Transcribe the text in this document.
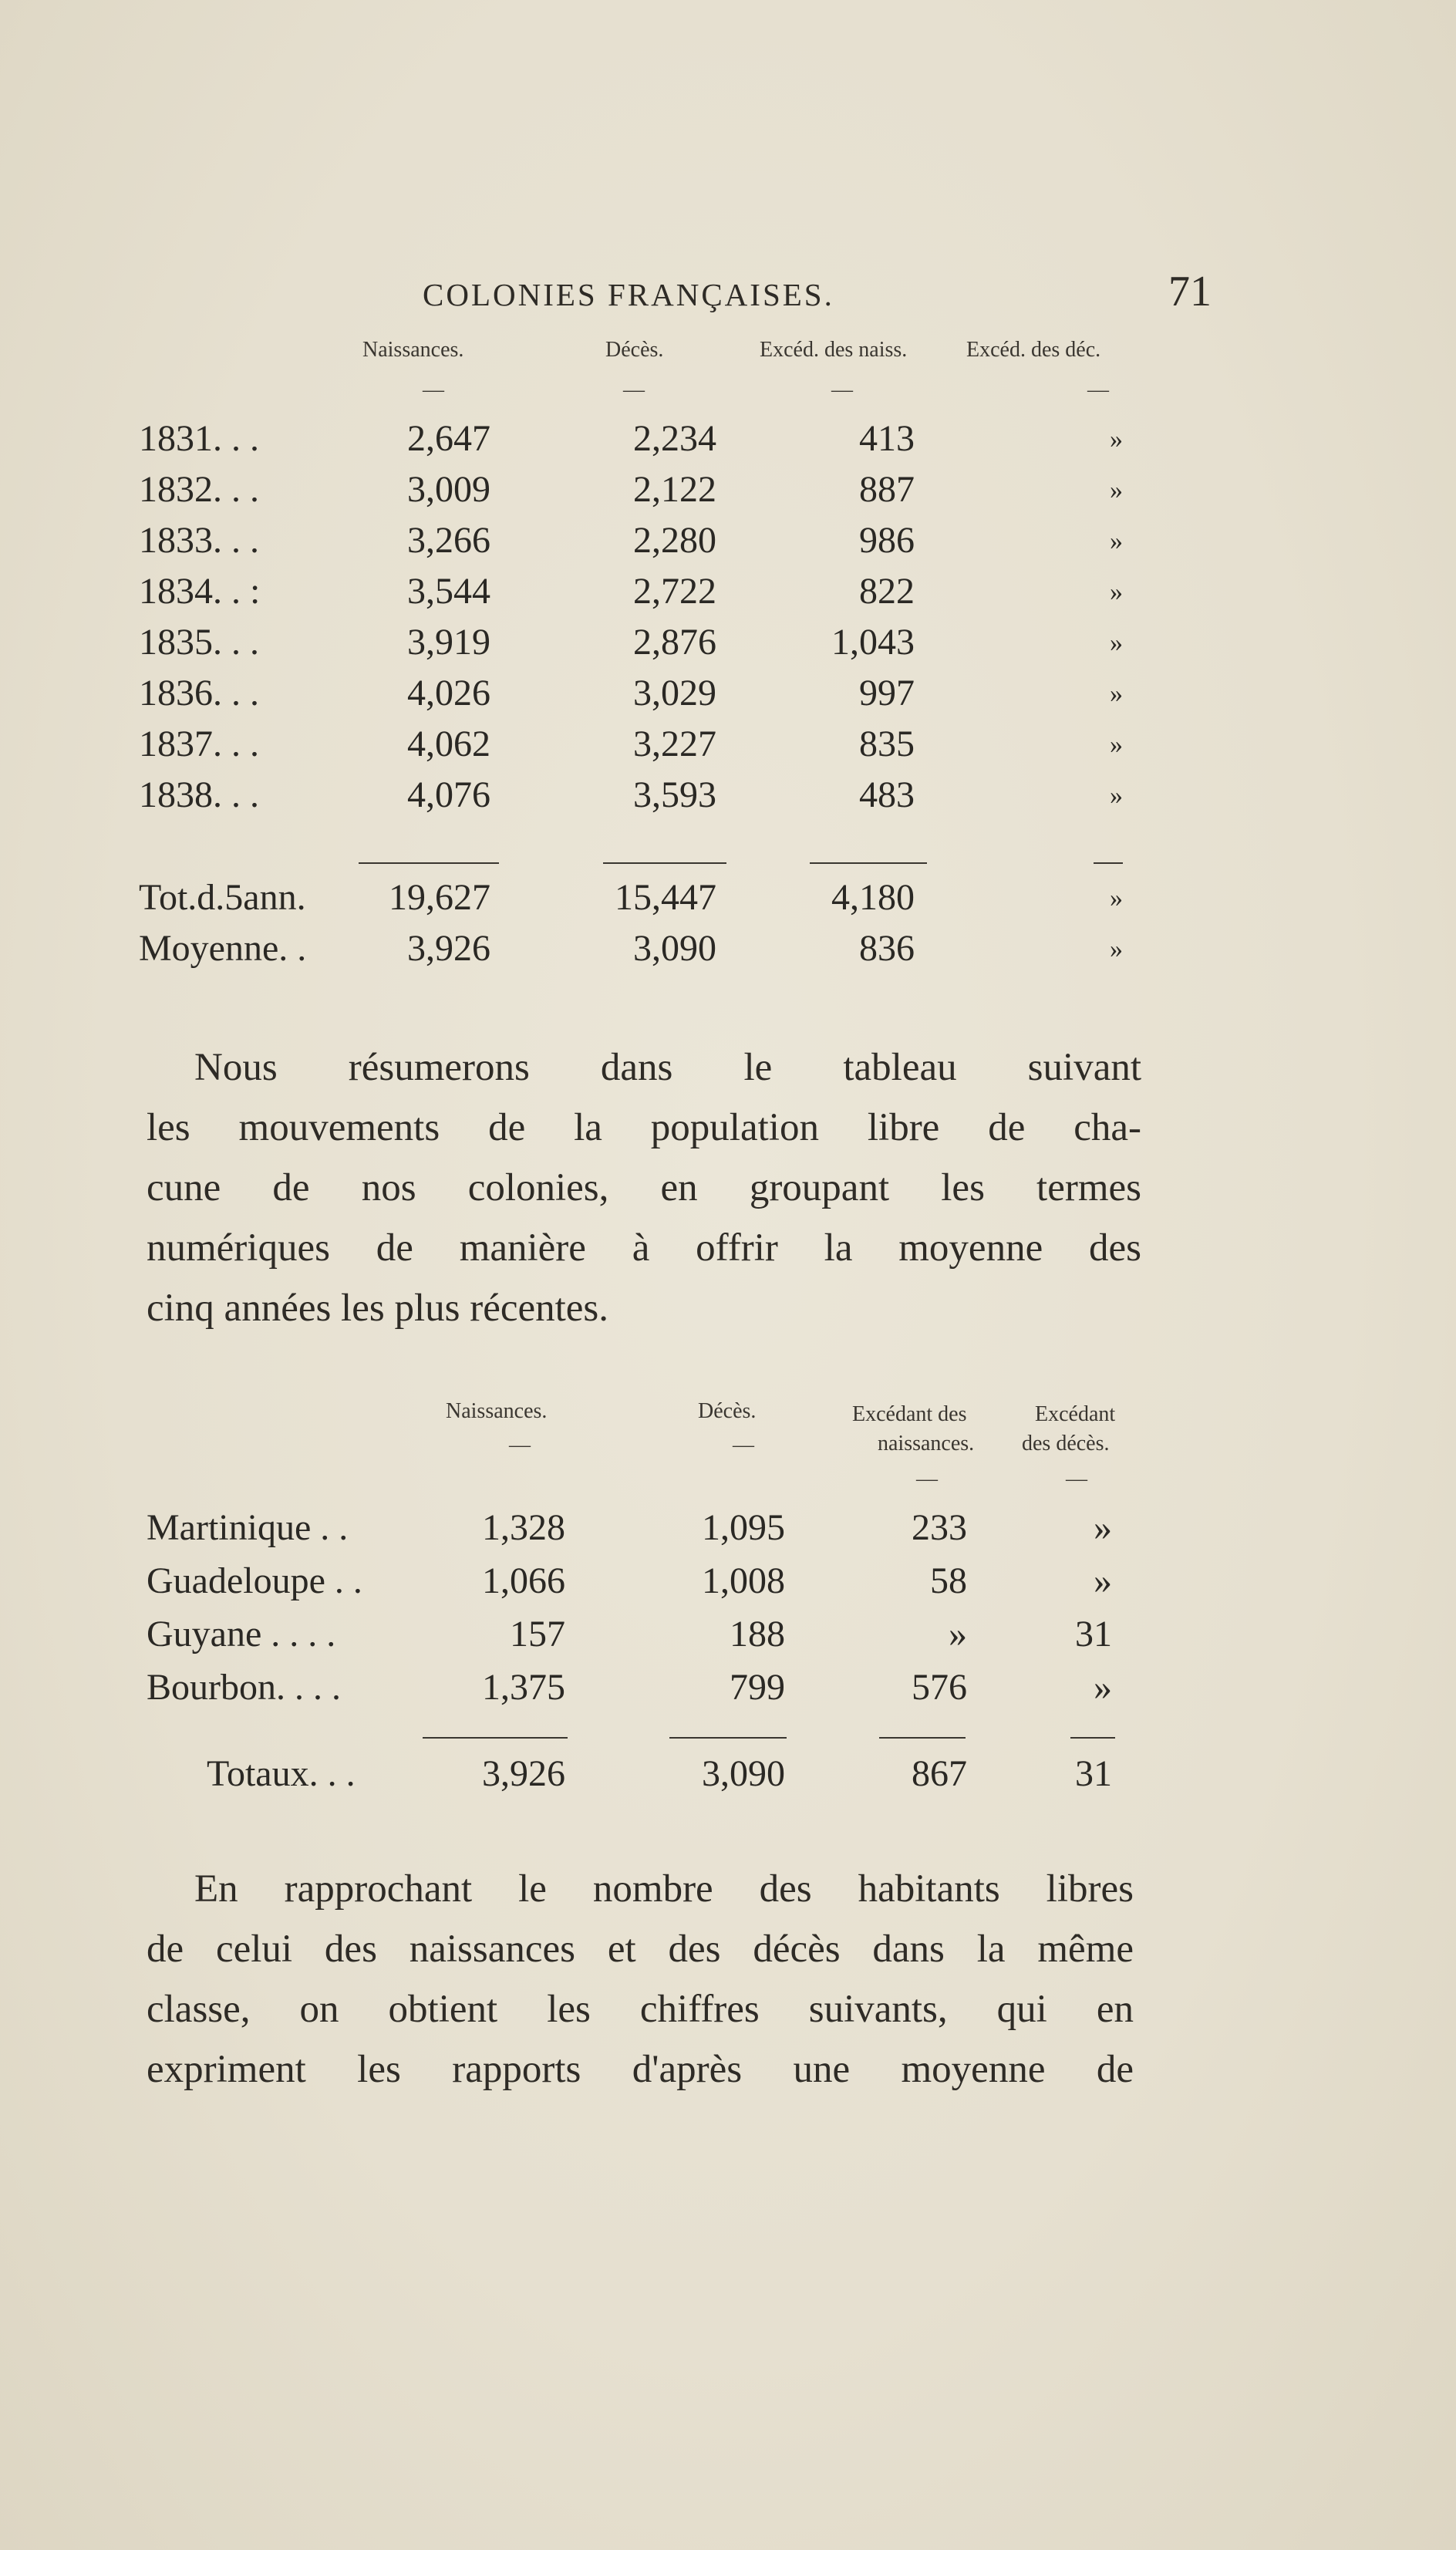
COLONIES FRANÇAISES.	71
Naissances.	Décès.	Excéd. des naiss.	Excéd. des déc.
—	—	—	—
1831. . .	2,647	2,234	413	»
1832. . .	3,009	2,122	887	»
1833. . .	3,266	2,280	986	»
1834. . :	3,544	2,722	822	»
1835. . .	3,919	2,876	1,043	»
1836. . .	4,026	3,029	997	»
1837. . .	4,062	3,227	835	»
1838. . .	4,076	3,593	483	»
Tot.d.5ann. 19,627	15,447	4,180	»
Moyenne. .	3,926	3,090	836	»
Nous résumerons dans le tableau suivant
les mouvements de la population libre de cha-
cune de nos colonies, en groupant les termes
numériques de manière à offrir la moyenne des
cinq années les plus récentes.
Naissances.	Décès.	Excédant des	Excédant
naissances. des décès.
—	—
—	—
Martinique . .	1,328	1,095	233	»
Guadeloupe . .	1,066	1,008	58	»
Guyane . . . .	157	188	»	31
Bourbon. . . .	1,375	799	576	»
Totaux. . .	3,926	3,090	867	31
En rapprochant le nombre des habitants libres
de celui des naissances et des décès dans la même
classe, on obtient les chiffres suivants, qui en
expriment les rapports d'après une moyenne de
